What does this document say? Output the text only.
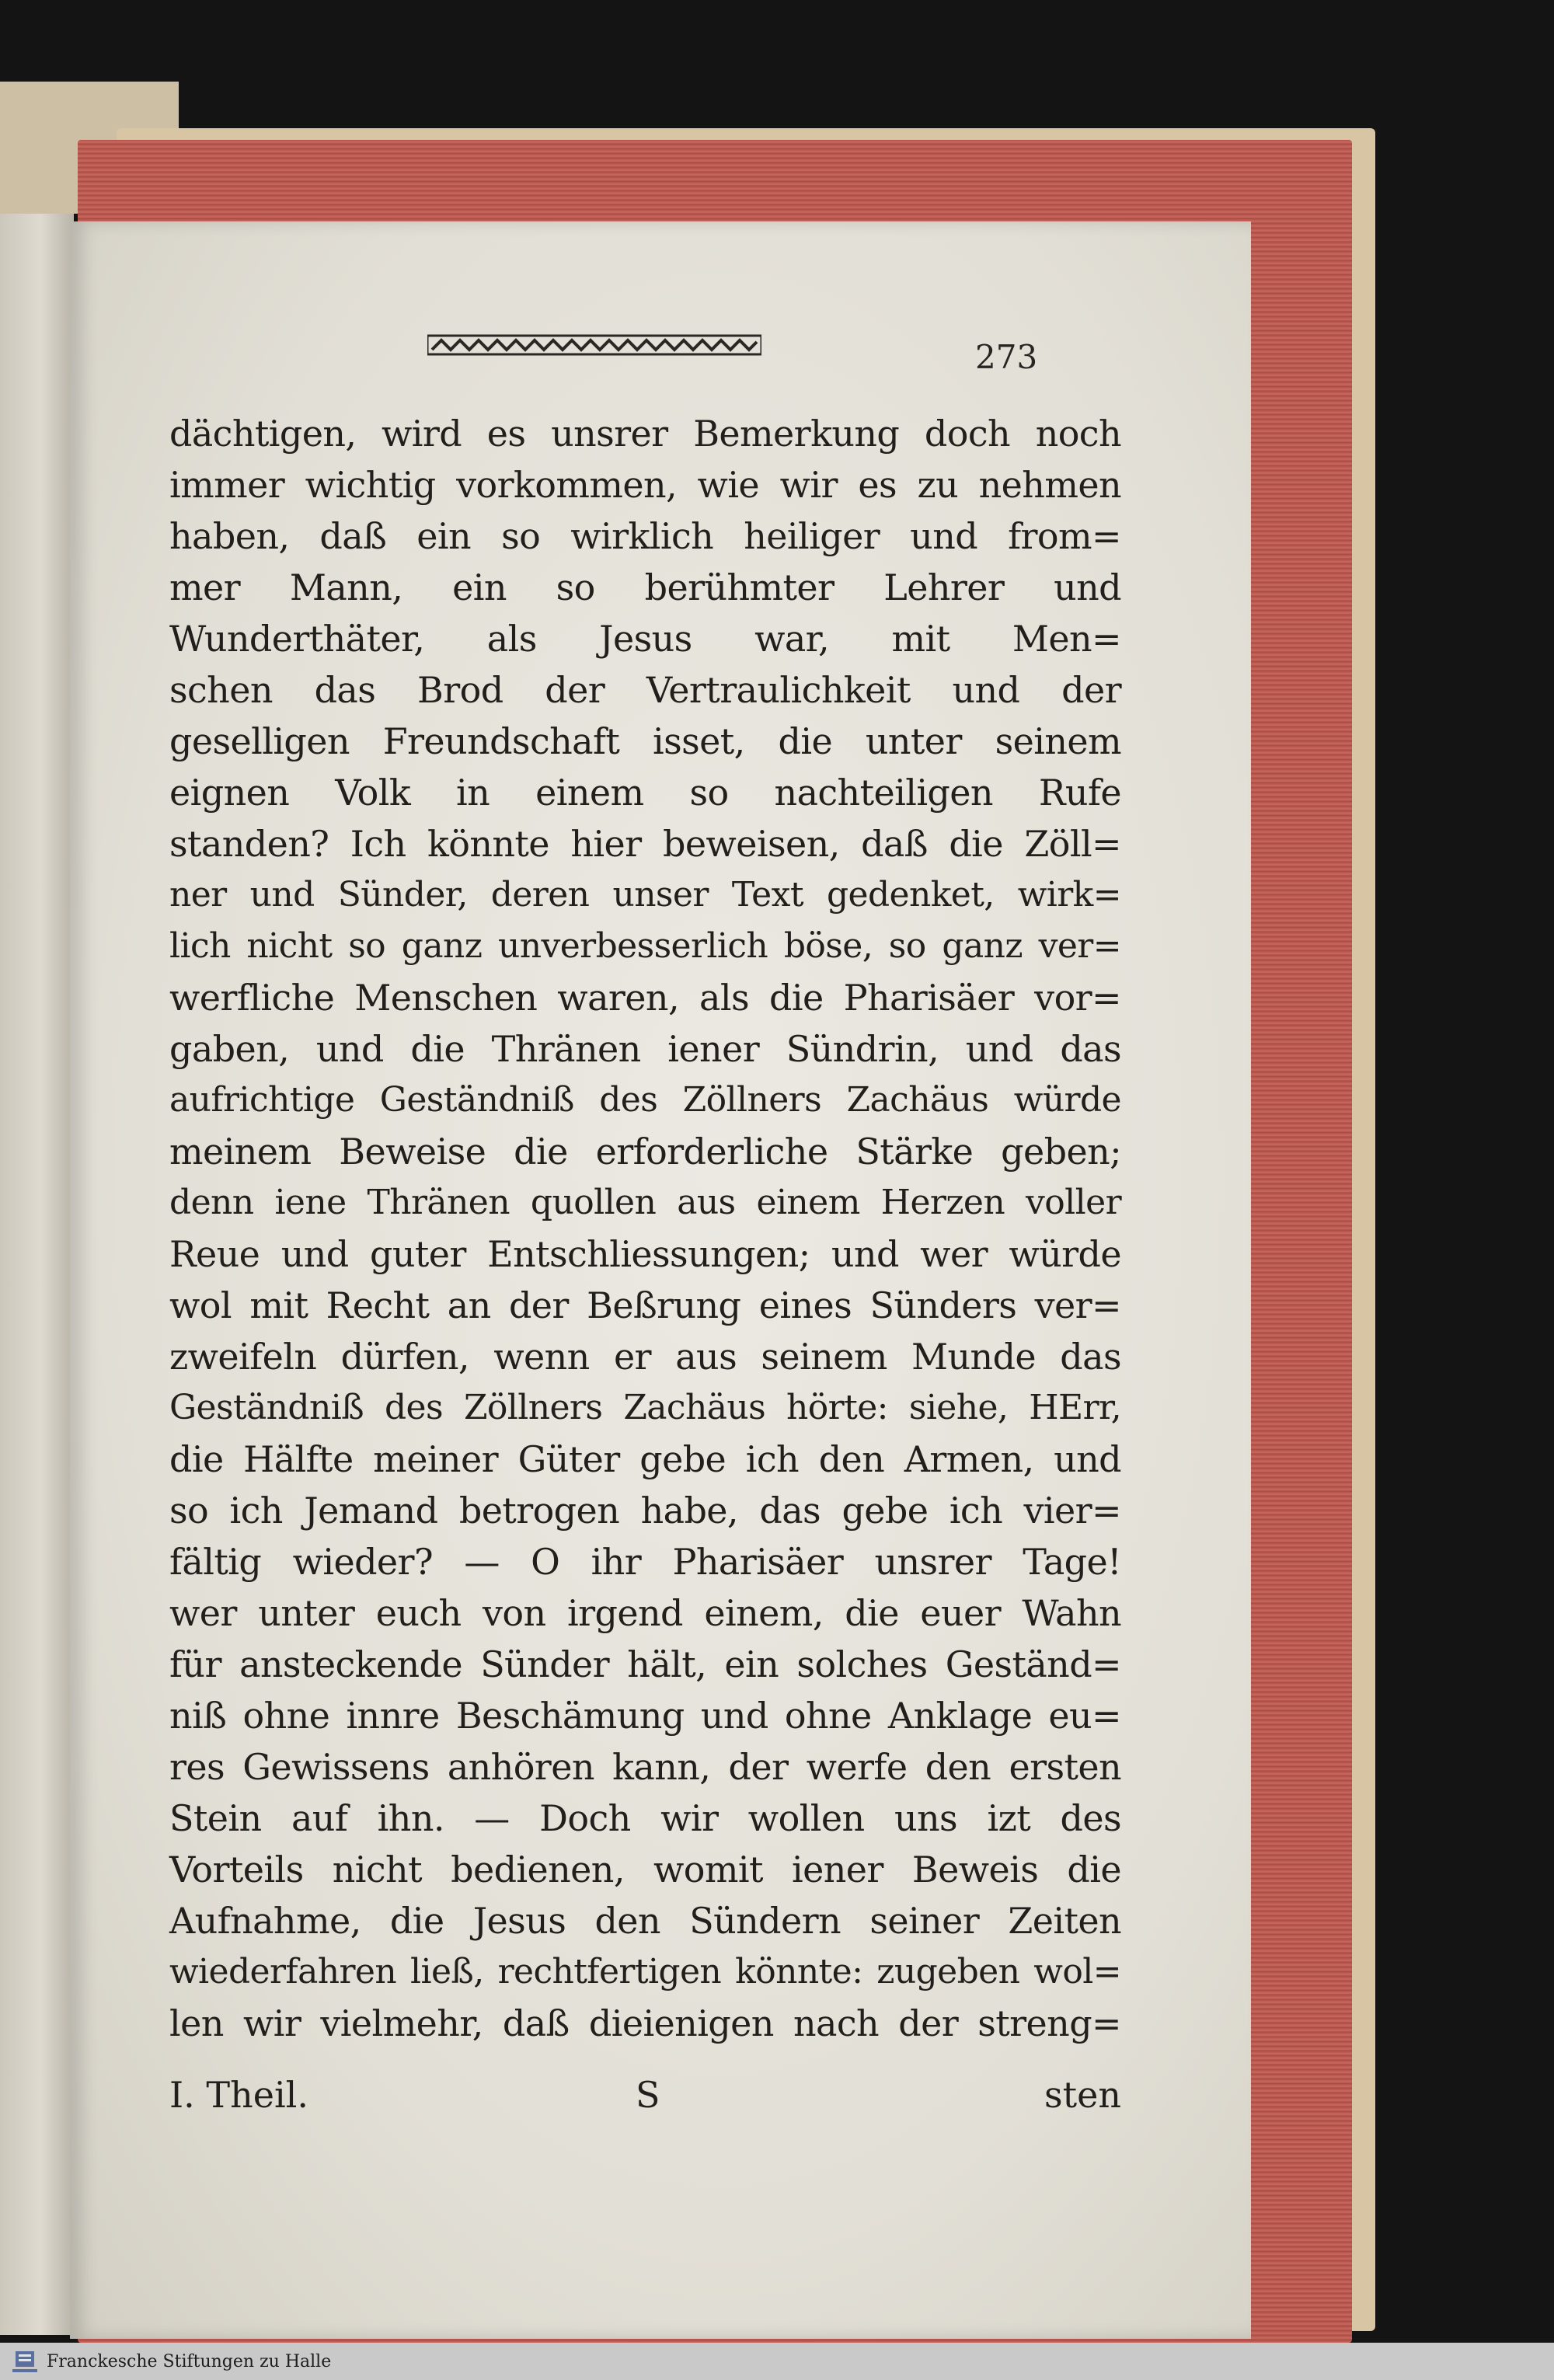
273
dächtigen, wird es unsrer Bemerkung doch noch
immer wichtig vorkommen, wie wir es zu nehmen
haben, daß ein so wirklich heiliger und from=
mer Mann, ein so berühmter Lehrer und
Wunderthäter, als Jesus war, mit Men=
schen das Brod der Vertraulichkeit und der
geselligen Freundschaft isset, die unter seinem
eignen Volk in einem so nachteiligen Rufe
standen? Ich könnte hier beweisen, daß die Zöll=
ner und Sünder, deren unser Text gedenket, wirk=
lich nicht so ganz unverbesserlich böse, so ganz ver=
werfliche Menschen waren, als die Pharisäer vor=
gaben, und die Thränen iener Sündrin, und das
aufrichtige Geständniß des Zöllners Zachäus würde
meinem Beweise die erforderliche Stärke geben;
denn iene Thränen quollen aus einem Herzen voller
Reue und guter Entschliessungen; und wer würde
wol mit Recht an der Beßrung eines Sünders ver=
zweifeln dürfen, wenn er aus seinem Munde das
Geständniß des Zöllners Zachäus hörte: siehe, HErr,
die Hälfte meiner Güter gebe ich den Armen, und
so ich Jemand betrogen habe, das gebe ich vier=
fältig wieder? — O ihr Pharisäer unsrer Tage!
wer unter euch von irgend einem, die euer Wahn
für ansteckende Sünder hält, ein solches Geständ=
niß ohne innre Beschämung und ohne Anklage eu=
res Gewissens anhören kann, der werfe den ersten
Stein auf ihn. — Doch wir wollen uns izt des
Vorteils nicht bedienen, womit iener Beweis die
Aufnahme, die Jesus den Sündern seiner Zeiten
wiederfahren ließ, rechtfertigen könnte: zugeben wol=
len wir vielmehr, daß dieienigen nach der streng=
I. Theil.	S	sten
Franckesche Stiftungen zu Halle
